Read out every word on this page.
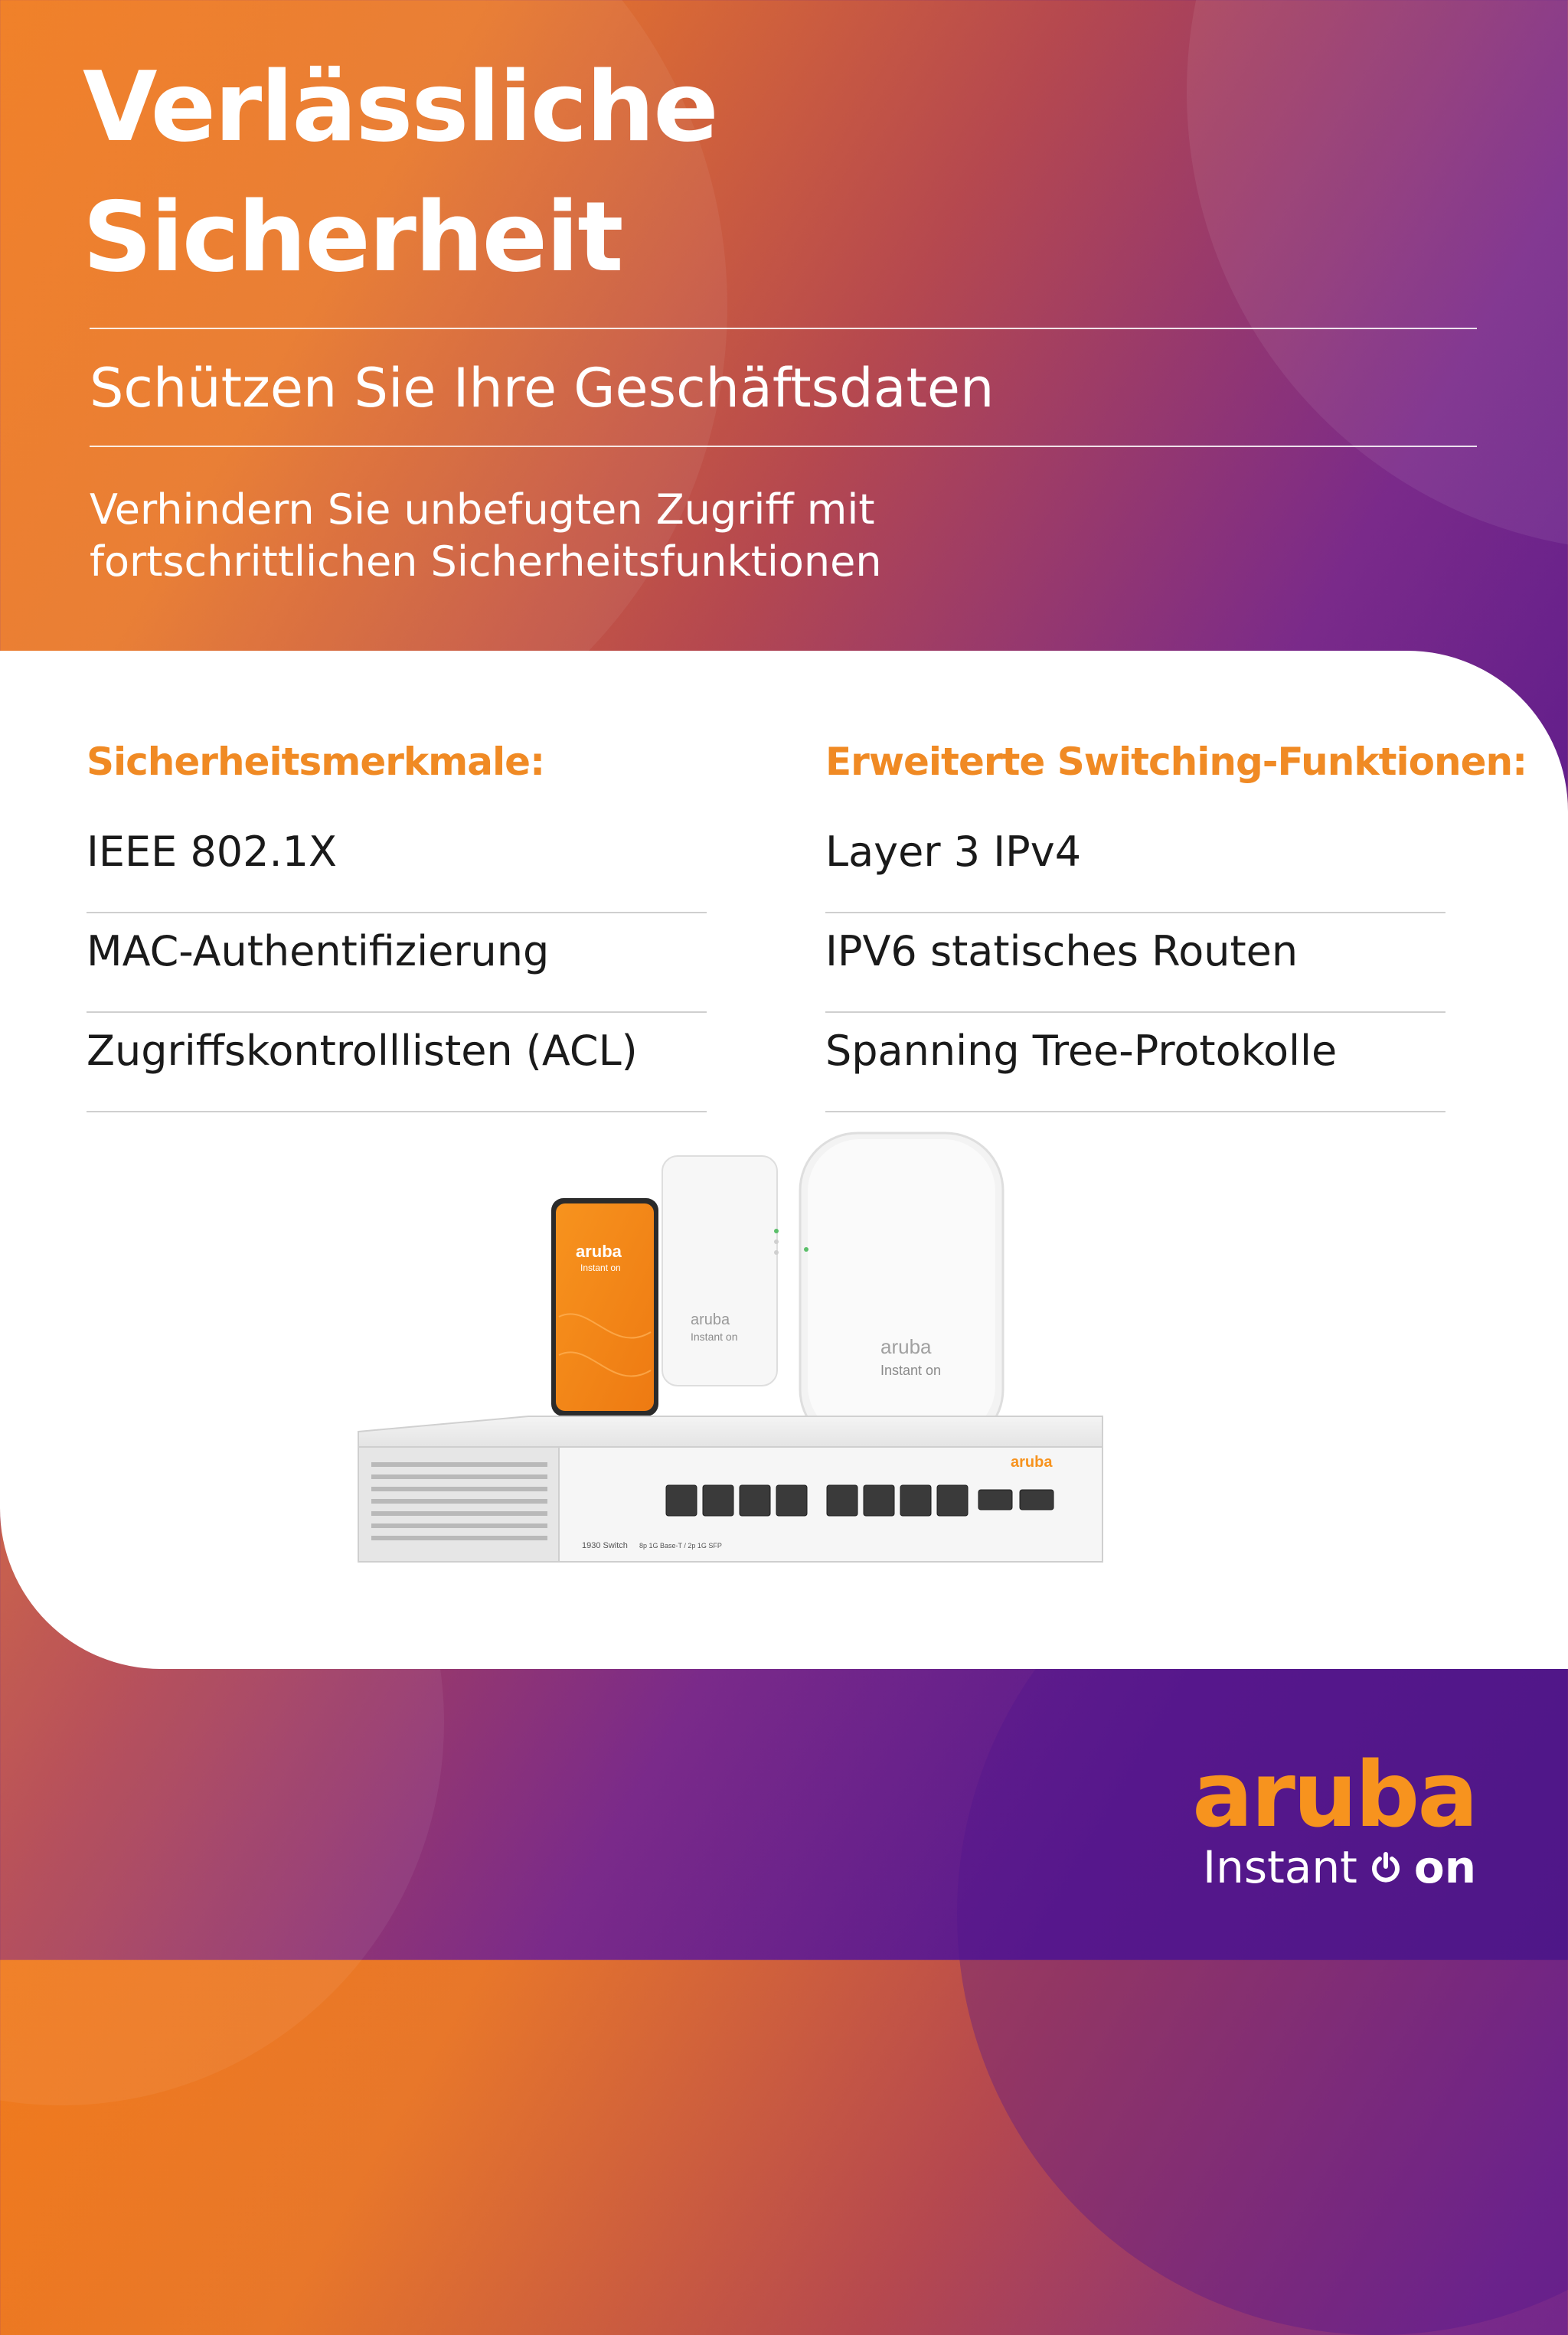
Verlässliche
Sicherheit
Schützen Sie Ihre Geschäftsdaten

Verhindern Sie unbefugten Zugriff mit
fortschrittlichen Sicherheitsfunktionen

Sicherheitsmerkmale:
IEEE 802.1X
MAC-Authentifizierung
Zugriffskontrolllisten (ACL)
Erweiterte Switching-Funktionen:
Layer 3 IPv4
IPV6 statisches Routen
Spanning Tree-Protokolle
aruba
Instant on
aruba
Instant on
aruba
Instant on
aruba
1930 Switch 8p 1G Base-T / 2p 1G SFP
aruba
Instant on
